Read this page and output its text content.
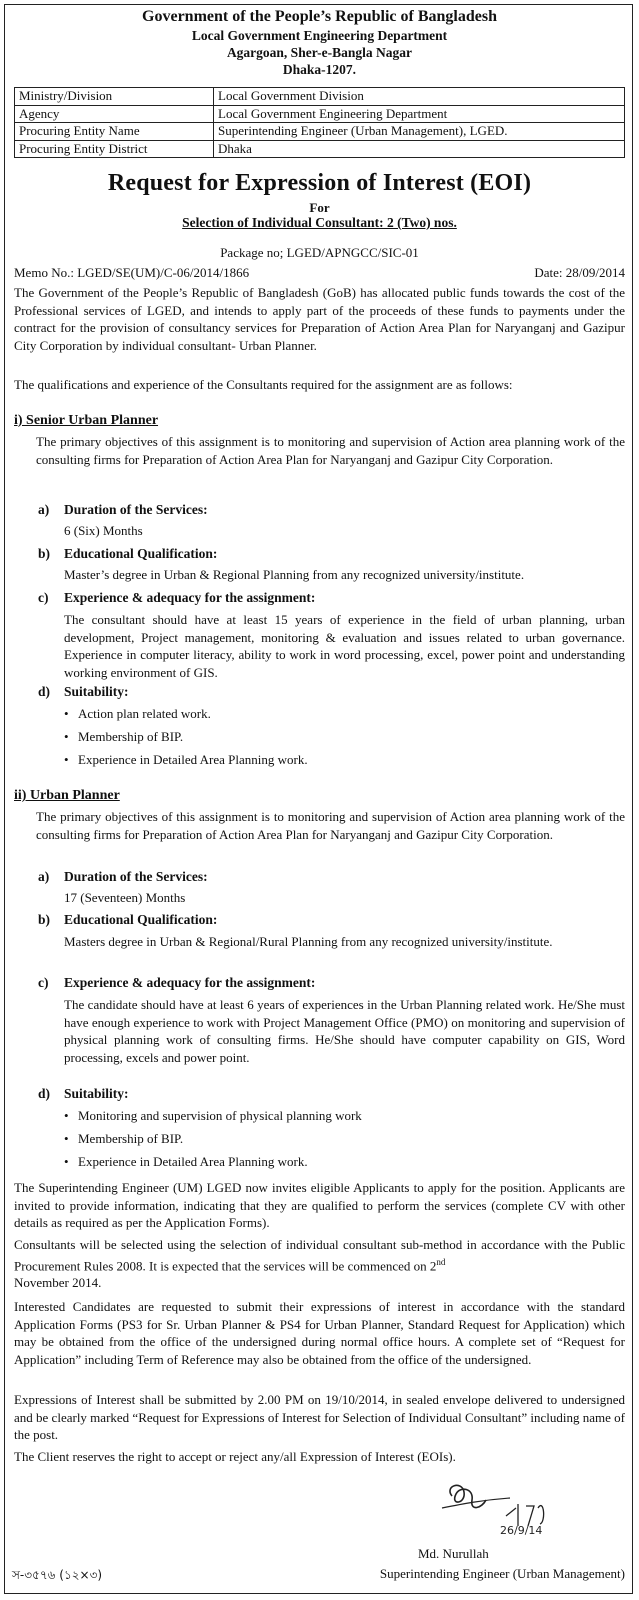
Government of the People’s Republic of Bangladesh
Local Government Engineering Department
Agargoan, Sher-e-Bangla Nagar
Dhaka-1207.
Ministry/Division	Local Government Division
Agency	Local Government Engineering Department
Procuring Entity Name	Superintending Engineer (Urban Management), LGED.
Procuring Entity District	Dhaka
Request for Expression of Interest (EOI)
For
Selection of Individual Consultant: 2 (Two) nos.
Package no; LGED/APNGCC/SIC-01
Memo No.: LGED/SE(UM)/C-06/2014/1866	Date: 28/09/2014
The Government of the People’s Republic of Bangladesh (GoB) has allocated public funds towards the cost of the Professional services of LGED, and intends to apply part of the proceeds of these funds to payments under the contract for the provision of consultancy services for Preparation of Action Area Plan for Naryanganj and Gazipur City Corporation by individual consultant- Urban Planner.
The qualifications and experience of the Consultants required for the assignment are as follows:
i) Senior Urban Planner
The primary objectives of this assignment is to monitoring and supervision of Action area planning work of the consulting firms for Preparation of Action Area Plan for Naryanganj and Gazipur City Corporation.
a) Duration of the Services:
6 (Six) Months
b) Educational Qualification:
Master’s degree in Urban & Regional Planning from any recognized university/institute.
c) Experience & adequacy for the assignment:
The consultant should have at least 15 years of experience in the field of urban planning, urban development, Project management, monitoring & evaluation and issues related to urban governance. Experience in computer literacy, ability to work in word processing, excel, power point and understanding working environment of GIS.
d) Suitability:
• Action plan related work.
• Membership of BIP.
• Experience in Detailed Area Planning work.
ii) Urban Planner
The primary objectives of this assignment is to monitoring and supervision of Action area planning work of the consulting firms for Preparation of Action Area Plan for Naryanganj and Gazipur City Corporation.
a) Duration of the Services:
17 (Seventeen) Months
b) Educational Qualification:
Masters degree in Urban & Regional/Rural Planning from any recognized university/institute.
c) Experience & adequacy for the assignment:
The candidate should have at least 6 years of experiences in the Urban Planning related work. He/She must have enough experience to work with Project Management Office (PMO) on monitoring and supervision of physical planning work of consulting firms. He/She should have computer capability on GIS, Word processing, excels and power point.
d) Suitability:
• Monitoring and supervision of physical planning work
• Membership of BIP.
• Experience in Detailed Area Planning work.
The Superintending Engineer (UM) LGED now invites eligible Applicants to apply for the position. Applicants are invited to provide information, indicating that they are qualified to perform the services (complete CV with other details as required as per the Application Forms).
Consultants will be selected using the selection of individual consultant sub-method in accordance with the Public Procurement Rules 2008. It is expected that the services will be commenced on 2nd
November 2014.
Interested Candidates are requested to submit their expressions of interest in accordance with the standard Application Forms (PS3 for Sr. Urban Planner & PS4 for Urban Planner, Standard Request for Application) which may be obtained from the office of the undersigned during normal office hours. A complete set of “Request for Application” including Term of Reference may also be obtained from the office of the undersigned.
Expressions of Interest shall be submitted by 2.00 PM on 19/10/2014, in sealed envelope delivered to undersigned and be clearly marked “Request for Expressions of Interest for Selection of Individual Consultant” including name of the post.
The Client reserves the right to accept or reject any/all Expression of Interest (EOIs).
26/9/14
Md. Nurullah
Superintending Engineer (Urban Management)
স-৩৫৭৬ (১২×৩)
